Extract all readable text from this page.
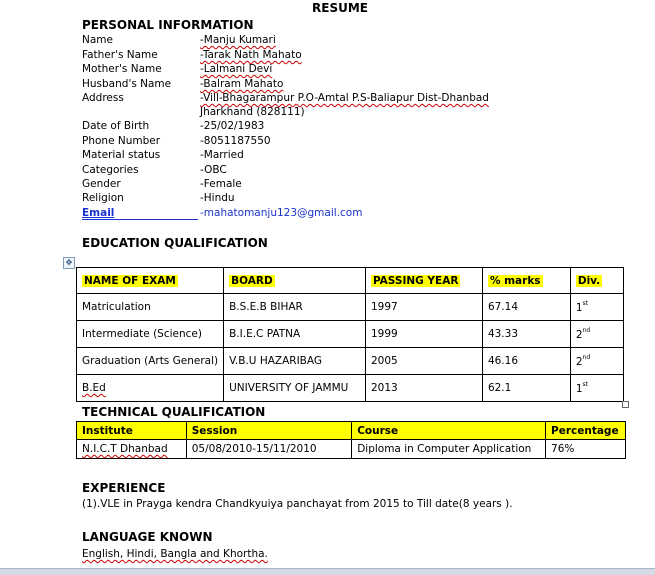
RESUME
PERSONAL INFORMATION
Name	-Manju Kumari
Father's Name	-Tarak Nath Mahato
Mother's Name	-Lalmani Devi
Husband's Name	-Balram Mahato
Address	-Vill-Bhagarampur P.O-Amtal P.S-Baliapur Dist-Dhanbad
Jharkhand (828111)
Date of Birth	-25/02/1983
Phone Number	-8051187550
Material status	-Married
Categories	-OBC
Gender	-Female
Religion	-Hindu
Email	-mahatomanju123@gmail.com
EDUCATION QUALIFICATION
✥
NAME OF EXAM	BOARD	PASSING YEAR	% marks	Div.
Matriculation	B.S.E.B BIHAR	1997	67.14	1st
Intermediate (Science)	B.I.E.C PATNA	1999	43.33	2nd
Graduation (Arts General)	V.B.U HAZARIBAG	2005	46.16	2nd
B.Ed	UNIVERSITY OF JAMMU	2013	62.1	1st
TECHNICAL QUALIFICATION
Institute	Session	Course	Percentage
N.I.C.T Dhanbad	05/08/2010-15/11/2010	Diploma in Computer Application	76%
EXPERIENCE
(1).VLE in Prayga kendra Chandkyuiya panchayat from 2015 to Till date(8 years ).
LANGUAGE KNOWN
English, Hindi, Bangla and Khortha.
